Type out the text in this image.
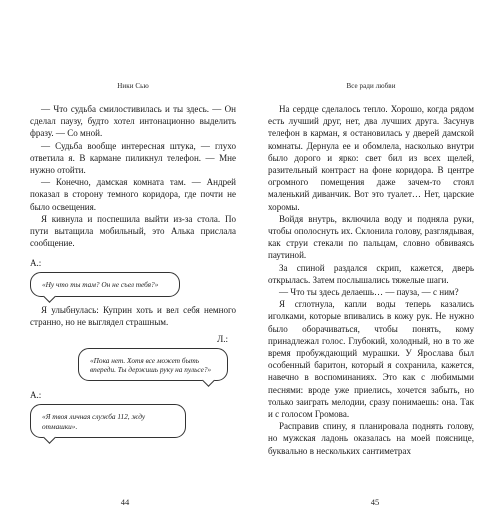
Ники Сью

— Что судьба смилостивилась и ты здесь. — Он сделал паузу, будто хотел интонационно выделить фразу. — Со мной.

— Судьба вообще интересная штука, — глухо ответила я. В кармане пиликнул телефон. — Мне нужно отойти.

— Конечно, дамская комната там. — Андрей показал в сторону темного коридора, где почти не было освещения.

Я кивнула и поспешила выйти из-за стола. По пути вытащила мобильный, это Алька прислала сообщение.

А.:
«Ну что ты там? Он не съел тебя?»

Я улыбнулась: Куприн хоть и вел себя немного странно, но не выглядел страшным.

Л.:
«Пока нет. Хотя все может быть впереди. Ты держишь руку на пульсе?»
А.:
«Я твоя личная служба 112, жду отмашки».
44
Все ради любви

На сердце сделалось тепло. Хорошо, когда рядом есть лучший друг, нет, два лучших друга. Засунув телефон в карман, я остановилась у дверей дамской комнаты. Дернула ее и обомлела, насколько внутри было дорого и ярко: свет бил из всех щелей, разительный контраст на фоне коридора. В центре огромного помещения даже зачем-то стоял маленький диванчик. Вот это туалет… Нет, царские хоромы.

Войдя внутрь, включила воду и подняла руки, чтобы ополоснуть их. Склонила голову, разглядывая, как струи стекали по пальцам, словно обвиваясь паутиной.

За спиной раздался скрип, кажется, дверь открылась. Затем послышались тяжелые шаги.

— Что ты здесь делаешь… — пауза, — с ним?

Я сглотнула, капли воды теперь казались иголками, которые впивались в кожу рук. Не нужно было оборачиваться, чтобы понять, кому принадлежал голос. Глубокий, холодный, но в то же время пробуждающий мурашки. У Ярослава был особенный баритон, который я сохранила, кажется, навечно в воспоминаниях. Это как с любимыми песнями: вроде уже приелись, хочется забыть, но только заиграть мелодии, сразу понимаешь: она. Так и с голосом Громова.

Расправив спину, я планировала поднять голову, но мужская ладонь оказалась на моей пояснице, буквально в нескольких сантиметрах

45
